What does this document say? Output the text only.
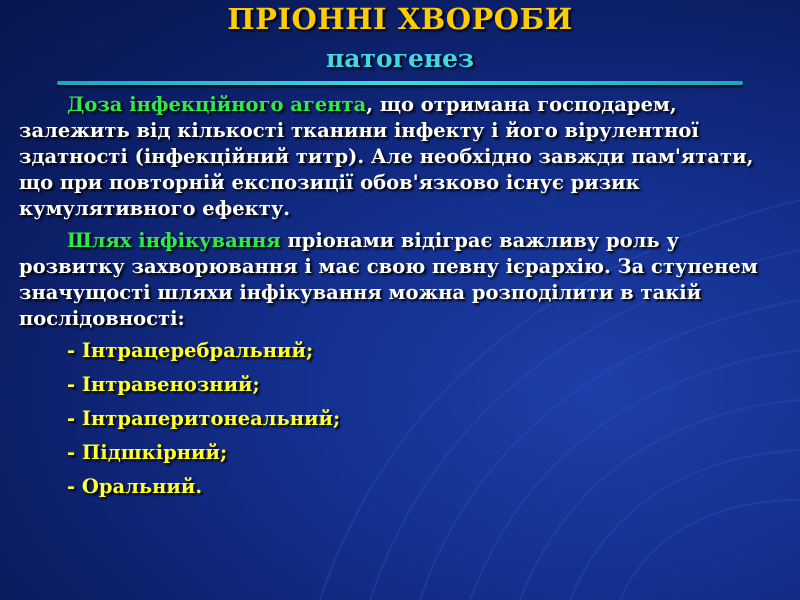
ПРІОННІ ХВОРОБИ
патогенез

Доза інфекційного агента, що отримана господарем, залежить від кількості тканини інфекту і його вірулентної здатності (інфекційний титр). Але необхідно завжди пам'ятати, що при повторній експозиції обов'язково існує ризик кумулятивного ефекту.

Шлях інфікування пріонами відіграє важливу роль у розвитку захворювання і має свою певну ієрархію. За ступенем значущості шляхи інфікування можна розподілити в такій послідовності:

- Інтрацеребральний;
- Інтравенозний;
- Інтраперитонеальний;
- Підшкірний;
- Оральний.
